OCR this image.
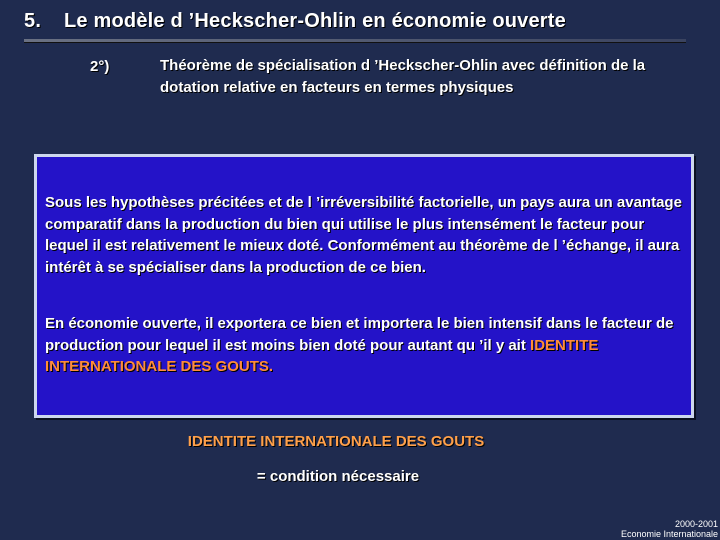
5. Le modèle d ’Heckscher-Ohlin en économie ouverte
2°)	Théorème de spécialisation d ’Heckscher-Ohlin avec définition de la dotation relative en facteurs en termes physiques
Sous les hypothèses précitées et de l ’irréversibilité factorielle, un pays aura un avantage comparatif dans la production du bien qui utilise le plus intensément le facteur pour lequel il est relativement le mieux doté. Conformément au théorème de l ’échange, il aura intérêt à se spécialiser dans la production de ce bien.
En économie ouverte, il exportera ce bien et importera le bien intensif dans le facteur de production pour lequel il est moins bien doté pour autant qu ’il y ait IDENTITE INTERNATIONALE DES GOUTS.
IDENTITE INTERNATIONALE DES GOUTS
= condition nécessaire
2000-2001
Economie Internationale
